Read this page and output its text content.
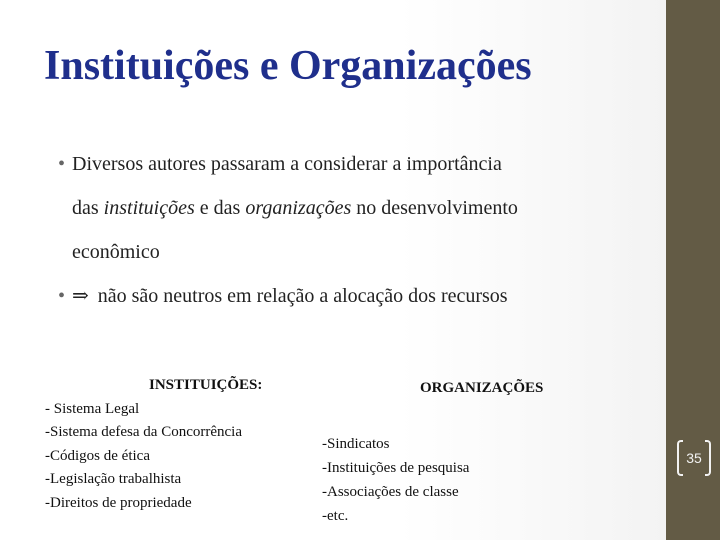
Instituições e Organizações
• Diversos autores passaram a considerar a importância
das instituições e das organizações no desenvolvimento
econômico
• ⇒ não são neutros em relação a alocação dos recursos
INSTITUIÇÕES:
- Sistema Legal
-Sistema defesa da Concorrência
-Códigos de ética
-Legislação trabalhista
-Direitos de propriedade
ORGANIZAÇÕES
-Sindicatos
-Instituições de pesquisa
-Associações de classe
-etc.
35
